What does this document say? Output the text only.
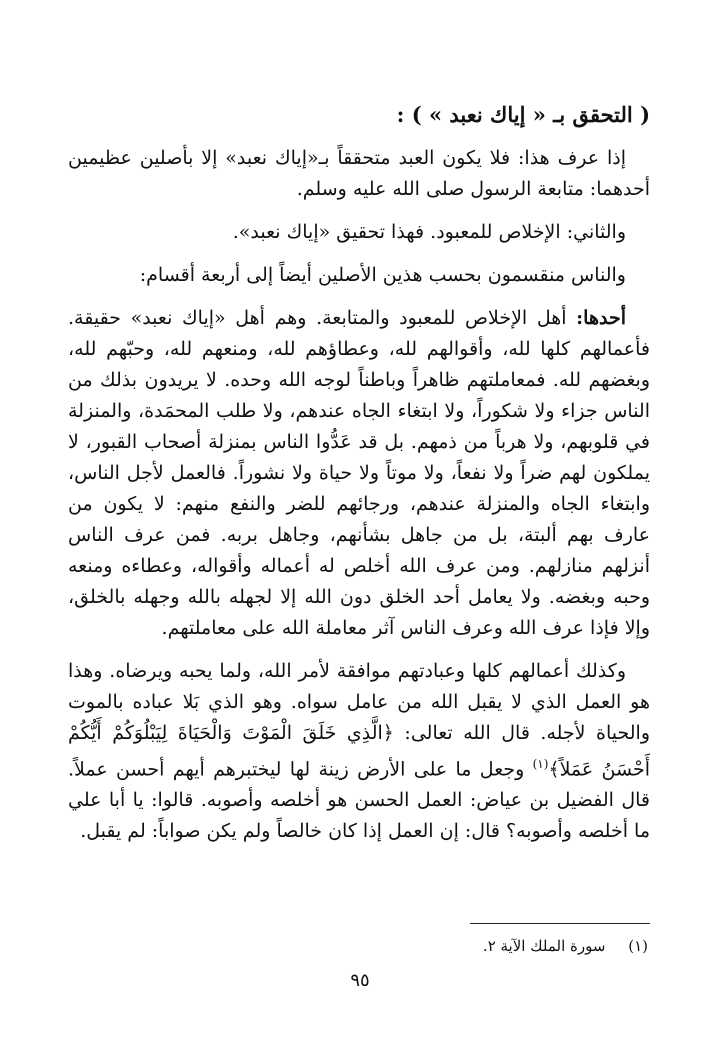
( التحقق بـ « إياك نعبد » ) :

إذا عرف هذا: فلا يكون العبد متحققاً بـ«إياك نعبد» إلا بأصلين عظيمين أحدهما: متابعة الرسول صلى الله عليه وسلم.

والثاني: الإخلاص للمعبود. فهذا تحقيق «إياك نعبد».

والناس منقسمون بحسب هذين الأصلين أيضاً إلى أربعة أقسام:

أحدها: أهل الإخلاص للمعبود والمتابعة. وهم أهل «إياك نعبد» حقيقة. فأعمالهم كلها لله، وأقوالهم لله، وعطاؤهم لله، ومنعهم لله، وحبّهم لله، وبغضهم لله. فمعاملتهم ظاهراً وباطناً لوجه الله وحده. لا يريدون بذلك من الناس جزاء ولا شكوراً، ولا ابتغاء الجاه عندهم، ولا طلب المحمَدة، والمنزلة في قلوبهم، ولا هرباً من ذمهم. بل قد عَدُّوا الناس بمنزلة أصحاب القبور، لا يملكون لهم ضراً ولا نفعاً، ولا موتاً ولا حياة ولا نشوراً. فالعمل لأجل الناس، وابتغاء الجاه والمنزلة عندهم، ورجائهم للضر والنفع منهم: لا يكون من عارف بهم ألبتة، بل من جاهل بشأنهم، وجاهل بربه. فمن عرف الناس أنزلهم منازلهم. ومن عرف الله أخلص له أعماله وأقواله، وعطاءه ومنعه وحبه وبغضه. ولا يعامل أحد الخلق دون الله إلا لجهله بالله وجهله بالخلق، وإلا فإذا عرف الله وعرف الناس آثر معاملة الله على معاملتهم.

وكذلك أعمالهم كلها وعبادتهم موافقة لأمر الله، ولما يحبه ويرضاه. وهذا هو العمل الذي لا يقبل الله من عامل سواه. وهو الذي بَلا عباده بالموت والحياة لأجله. قال الله تعالى: ﴿الَّذِي خَلَقَ الْمَوْتَ وَالْحَيَاةَ لِيَبْلُوَكُمْ أَيُّكُمْ أَحْسَنُ عَمَلاً﴾$^{(١)}$ وجعل ما على الأرض زينة لها ليختبرهم أيهم أحسن عملاً. قال الفضيل بن عياض: العمل الحسن هو أخلصه وأصوبه. قالوا: يا أبا علي ما أخلصه وأصوبه؟ قال: إن العمل إذا كان خالصاً ولم يكن صواباً: لم يقبل.

(١) سورة الملك الآية ٢.
٩٥
